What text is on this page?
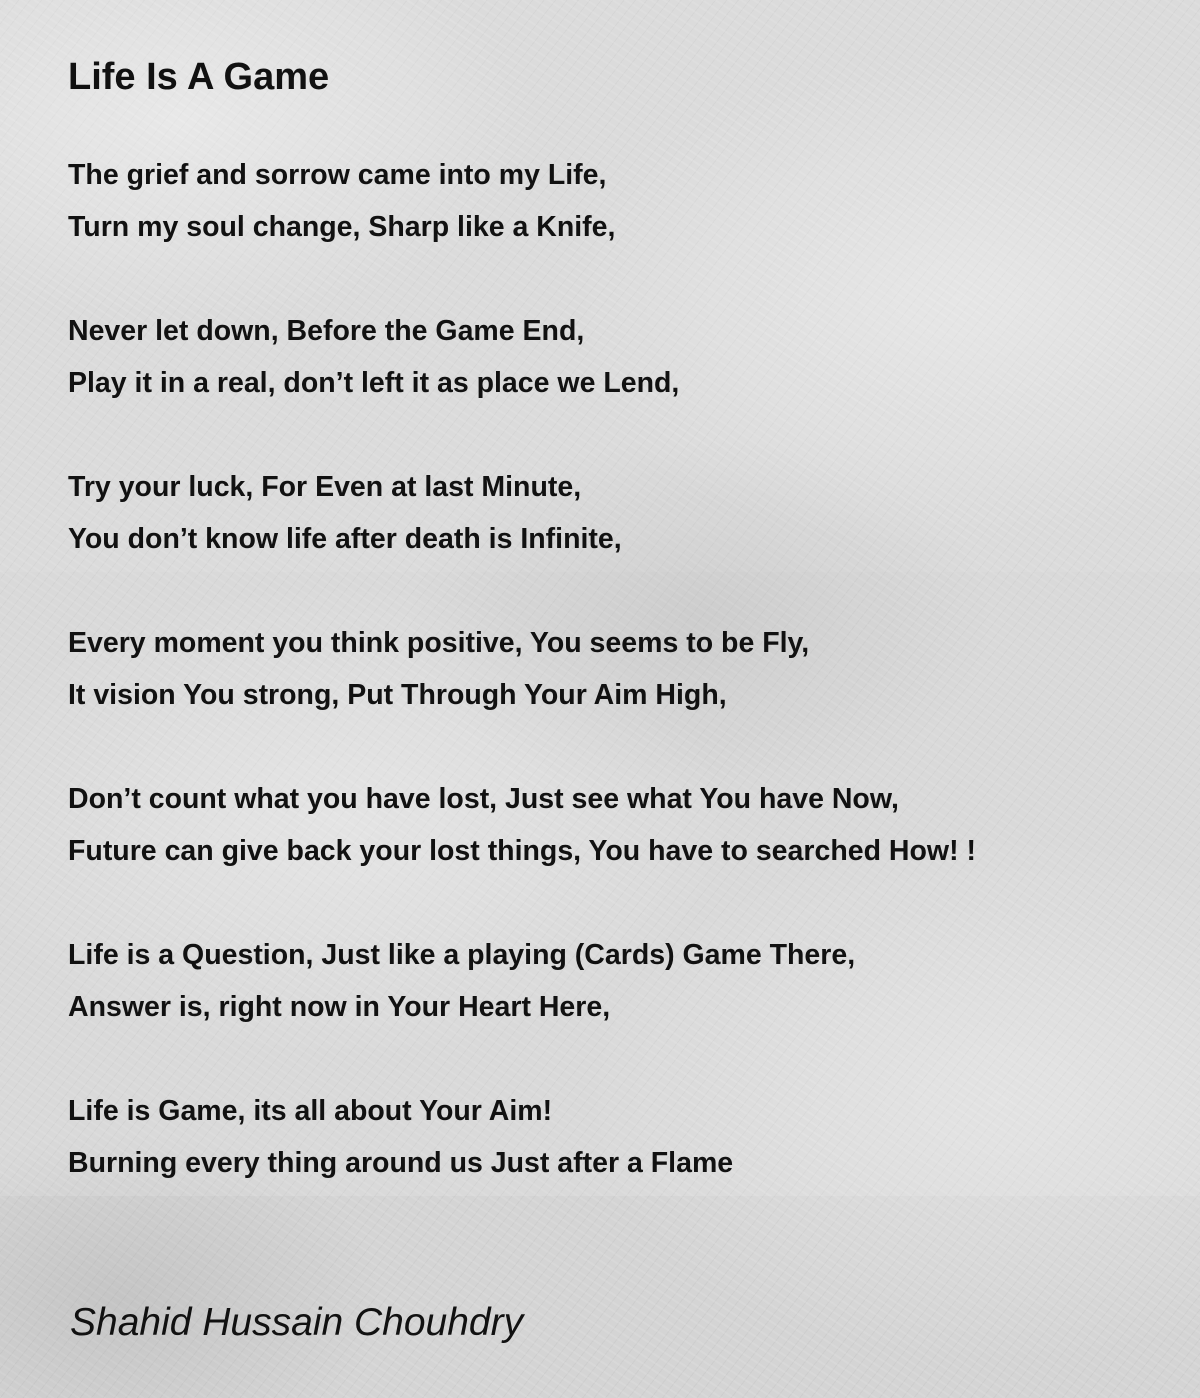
Life Is A Game
The grief and sorrow came into my Life,
Turn my soul change, Sharp like a Knife,
Never let down, Before the Game End,
Play it in a real, don’t left it as place we Lend,
Try your luck, For Even at last Minute,
You don’t know life after death is Infinite,
Every moment you think positive, You seems to be Fly,
It vision You strong, Put Through Your Aim High,
Don’t count what you have lost, Just see what You have Now,
Future can give back your lost things, You have to searched How! !
Life is a Question, Just like a playing (Cards) Game There,
Answer is, right now in Your Heart Here,
Life is Game, its all about Your Aim!
Burning every thing around us Just after a Flame

Shahid Hussain Chouhdry
